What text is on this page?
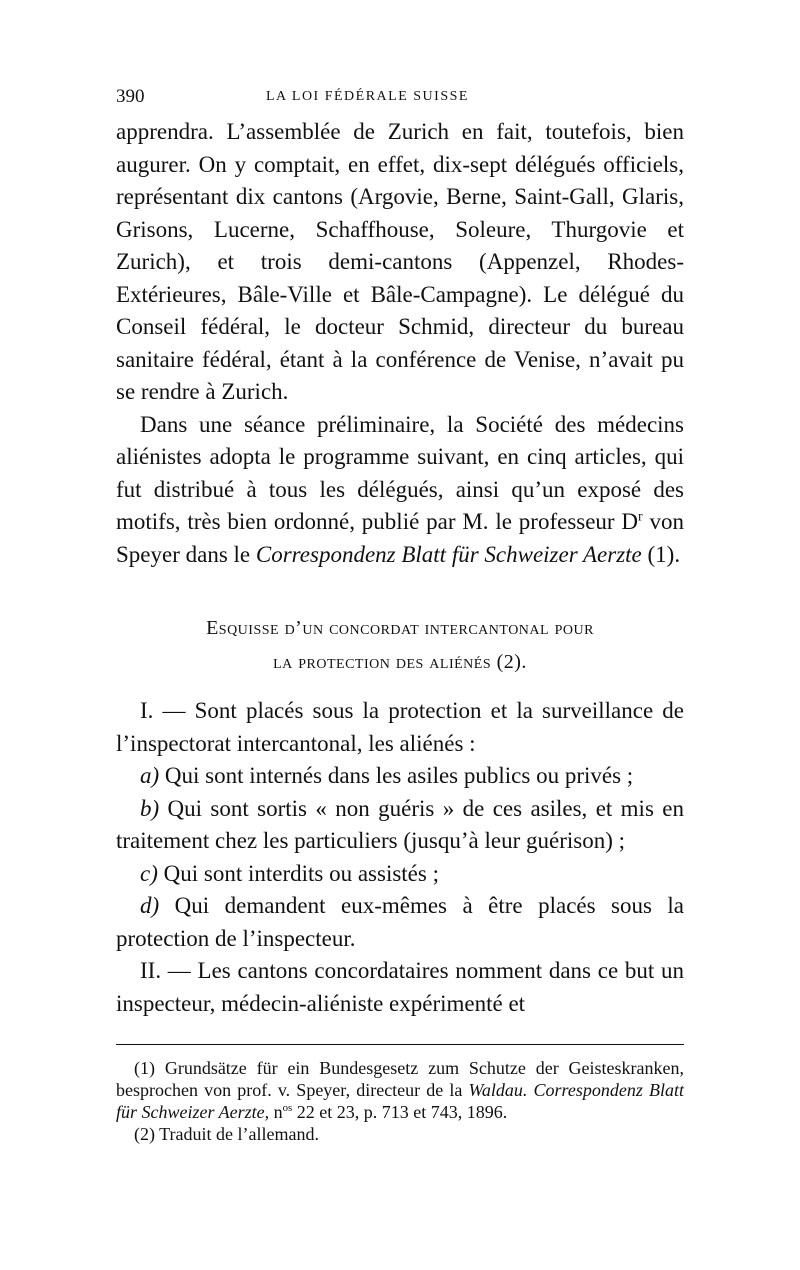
390	LA LOI FÉDÉRALE SUISSE

apprendra. L’assemblée de Zurich en fait, toutefois, bien augurer. On y comptait, en effet, dix-sept délégués officiels, représentant dix cantons (Argovie, Berne, Saint-Gall, Glaris, Grisons, Lucerne, Schaffhouse, Soleure, Thurgovie et Zurich), et trois demi-cantons (Appenzel, Rhodes-Extérieures, Bâle-Ville et Bâle-Campagne). Le délégué du Conseil fédéral, le docteur Schmid, directeur du bureau sanitaire fédéral, étant à la conférence de Venise, n’avait pu se rendre à Zurich.

Dans une séance préliminaire, la Société des médecins aliénistes adopta le programme suivant, en cinq articles, qui fut distribué à tous les délégués, ainsi qu’un exposé des motifs, très bien ordonné, publié par M. le professeur $D^r$ von Speyer dans le Correspondenz Blatt für Schweizer Aerzte (1).

Esquisse d’un concordat intercantonal pour
la protection des aliénés (2).

I. — Sont placés sous la protection et la surveillance de l’inspectorat intercantonal, les aliénés :

a) Qui sont internés dans les asiles publics ou privés ;

b) Qui sont sortis « non guéris » de ces asiles, et mis en traitement chez les particuliers (jusqu’à leur guérison) ;

c) Qui sont interdits ou assistés ;

d) Qui demandent eux-mêmes à être placés sous la protection de l’inspecteur.

II. — Les cantons concordataires nomment dans ce but un inspecteur, médecin-aliéniste expérimenté et

(1) Grundsätze für ein Bundesgesetz zum Schutze der Geisteskranken, besprochen von prof. v. Speyer, directeur de la Waldau. Correspondenz Blatt für Schweizer Aerzte, $n^{os}$ 22 et 23, p. 713 et 743, 1896.

(2) Traduit de l’allemand.
